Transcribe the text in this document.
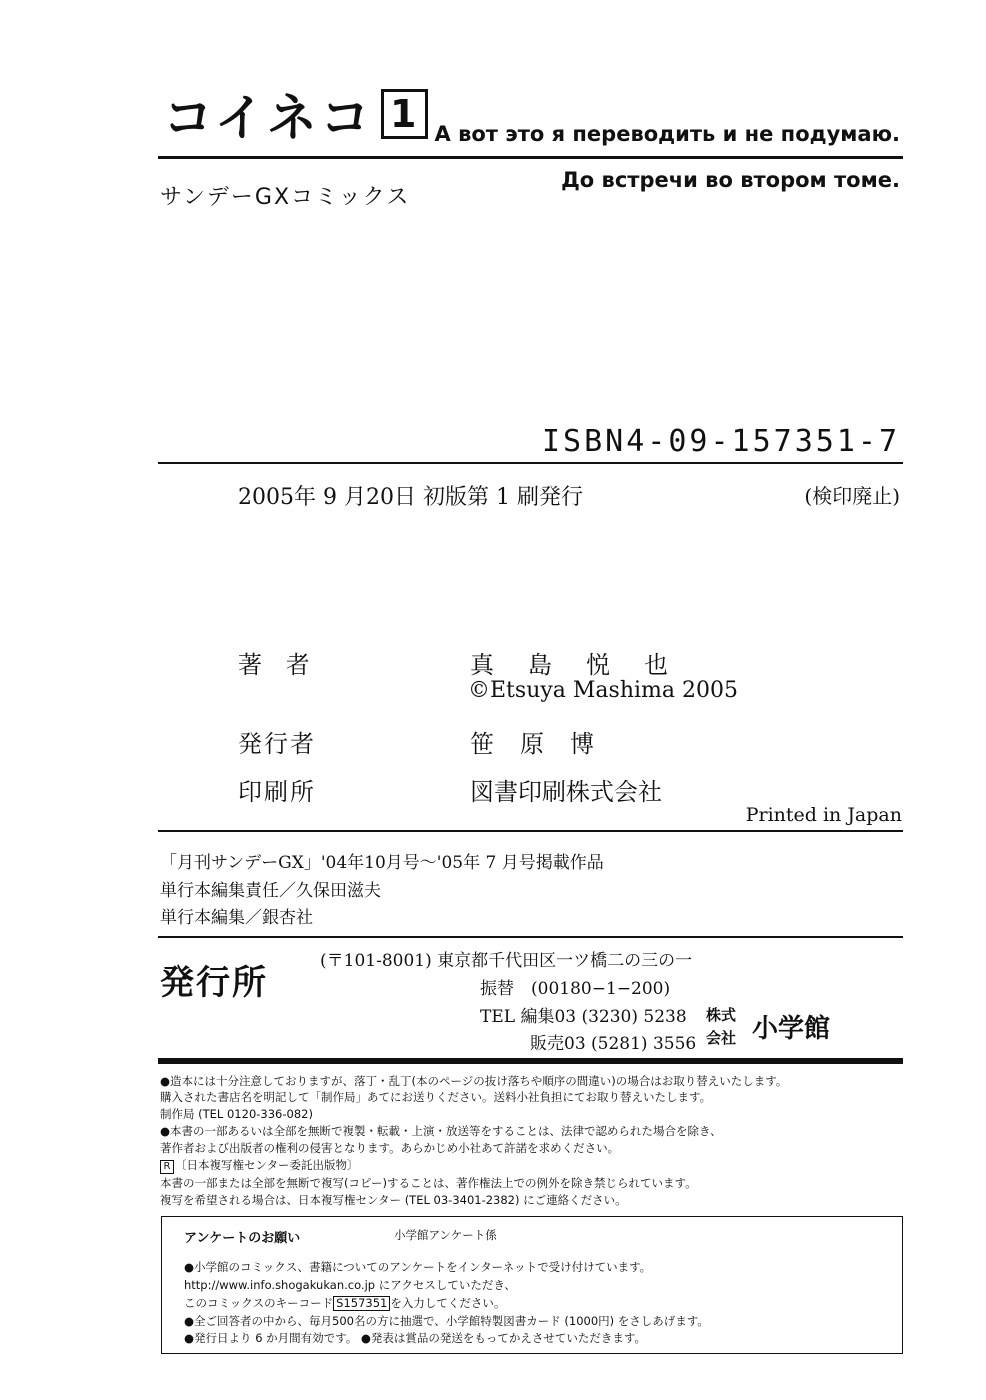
コイネコ 1 А вот это я переводить и не подумаю.
サンデーGXコミックス
До встречи во втором томе.
ISBN4-09-157351-7
2005年 9 月20日 初版第 1 刷発行	(検印廃止)
著 者	真島悦也
©Etsuya Mashima 2005
発行者	笹原博
印刷所	図書印刷株式会社
Printed in Japan
「月刊サンデーGX」'04年10月号〜'05年 7 月号掲載作品
単行本編集責任／久保田滋夫
単行本編集／銀杏社
発行所
(〒101-8001) 東京都千代田区一ツ橋二の三の一
振替　(00180−1−200)
TEL 編集03 (3230) 5238
販売03 (5281) 3556
株式
会社 小学館
●造本には十分注意しておりますが、落丁・乱丁(本のページの抜け落ちや順序の間違い)の場合はお取り替えいたします。
購入された書店名を明記して「制作局」あてにお送りください。送料小社負担にてお取り替えいたします。
制作局 (TEL 0120-336-082)
●本書の一部あるいは全部を無断で複製・転載・上演・放送等をすることは、法律で認められた場合を除き、
著作者および出版者の権利の侵害となります。あらかじめ小社あて許諾を求めください。
R 〔日本複写権センター委託出版物〕
本書の一部または全部を無断で複写(コピー)することは、著作権法上での例外を除き禁じられています。
複写を希望される場合は、日本複写権センター (TEL 03-3401-2382) にご連絡ください。
アンケートのお願い	小学館アンケート係
●小学館のコミックス、書籍についてのアンケートをインターネットで受け付けています。
http://www.info.shogakukan.co.jp にアクセスしていただき、
このコミックスのキーコード S157351 を入力してください。
●全ご回答者の中から、毎月500名の方に抽選で、小学館特製図書カード (1000円) をさしあげます。
●発行日より 6 か月間有効です。 ●発表は賞品の発送をもってかえさせていただきます。
